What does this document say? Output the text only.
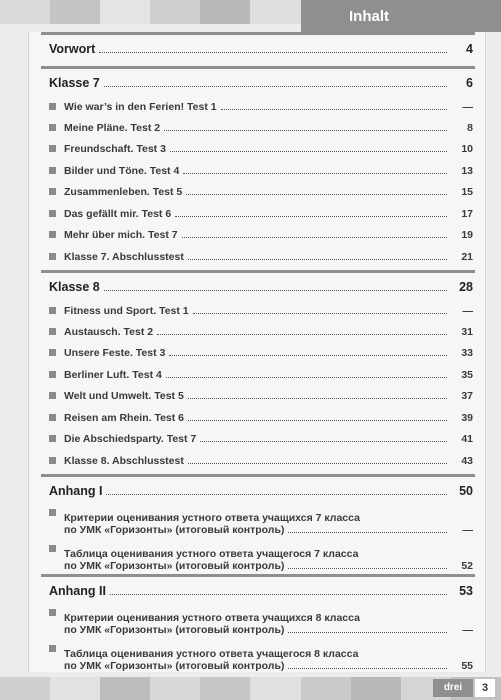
Inhalt
Vorwort	4
Klasse 7	6
Wie war’s in den Ferien! Test 1	—
Meine Pläne. Test 2	8
Freundschaft. Test 3	10
Bilder und Töne. Test 4	13
Zusammenleben. Test 5	15
Das gefällt mir. Test 6	17
Mehr über mich. Test 7	19
Klasse 7. Abschlusstest	21
Klasse 8	28
Fitness und Sport. Test 1	—
Austausch. Test 2	31
Unsere Feste. Test 3	33
Berliner Luft. Test 4	35
Welt und Umwelt. Test 5	37
Reisen am Rhein. Test 6	39
Die Abschiedsparty. Test 7	41
Klasse 8. Abschlusstest	43
Anhang I	50
Критерии оценивания устного ответа учащихся 7 класса
по УМК «Горизонты» (итоговый контроль)	—
Таблица оценивания устного ответа учащегося 7 класса
по УМК «Горизонты» (итоговый контроль)	52
Anhang II	53
Критерии оценивания устного ответа учащихся 8 класса
по УМК «Горизонты» (итоговый контроль)	—
Таблица оценивания устного ответа учащегося 8 класса
по УМК «Горизонты» (итоговый контроль)	55
drei	3
